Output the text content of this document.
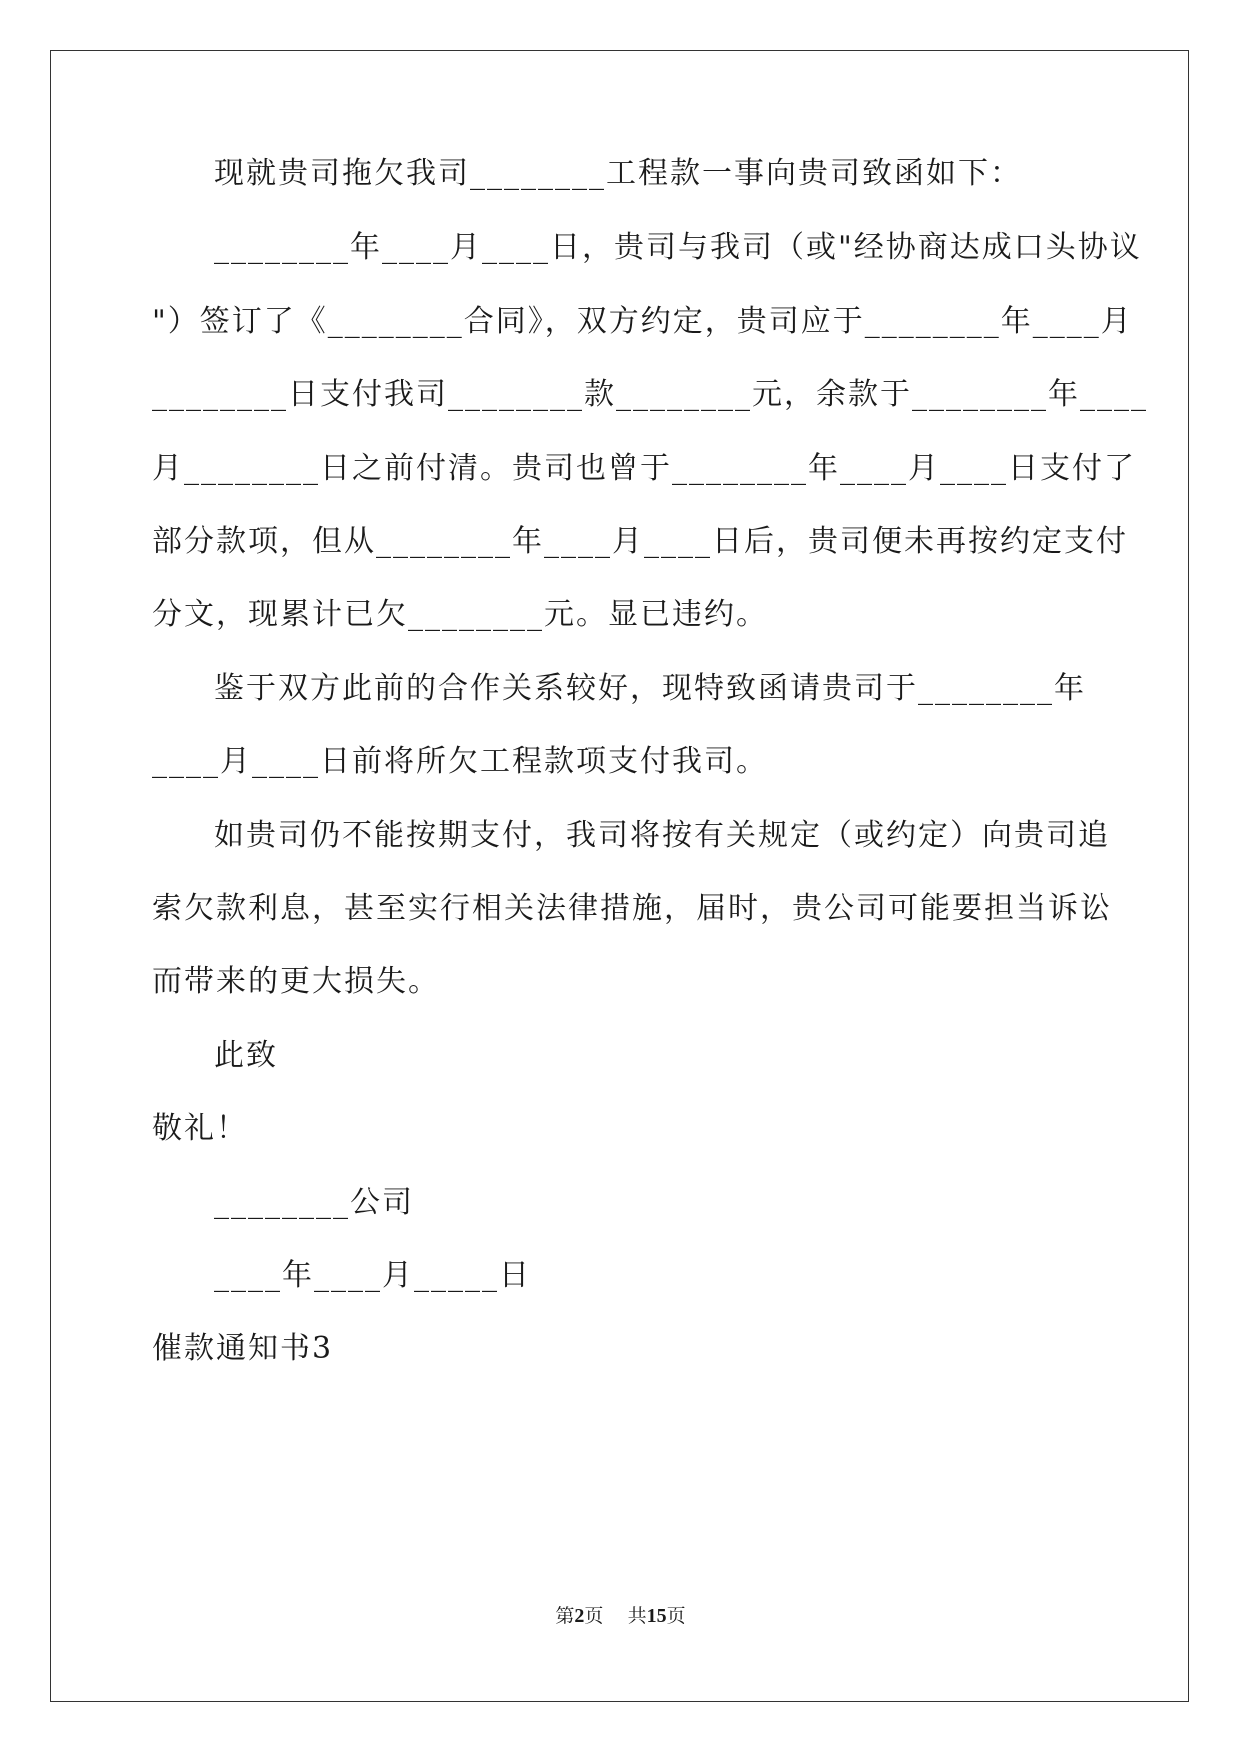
现就贵司拖欠我司________工程款一事向贵司致函如下：
________年____月____日，贵司与我司（或"经协商达成口头协议
"）签订了《________合同》，双方约定，贵司应于________年____月
________日支付我司________款________元，余款于________年____
月________日之前付清。贵司也曾于________年____月____日支付了
部分款项，但从________年____月____日后，贵司便未再按约定支付
分文，现累计已欠________元。显已违约。
鉴于双方此前的合作关系较好，现特致函请贵司于________年
____月____日前将所欠工程款项支付我司。
如贵司仍不能按期支付，我司将按有关规定（或约定）向贵司追
索欠款利息，甚至实行相关法律措施，届时，贵公司可能要担当诉讼
而带来的更大损失。
此致
敬礼！
________公司
____年____月_____日
催款通知书3
第2页 共15页
